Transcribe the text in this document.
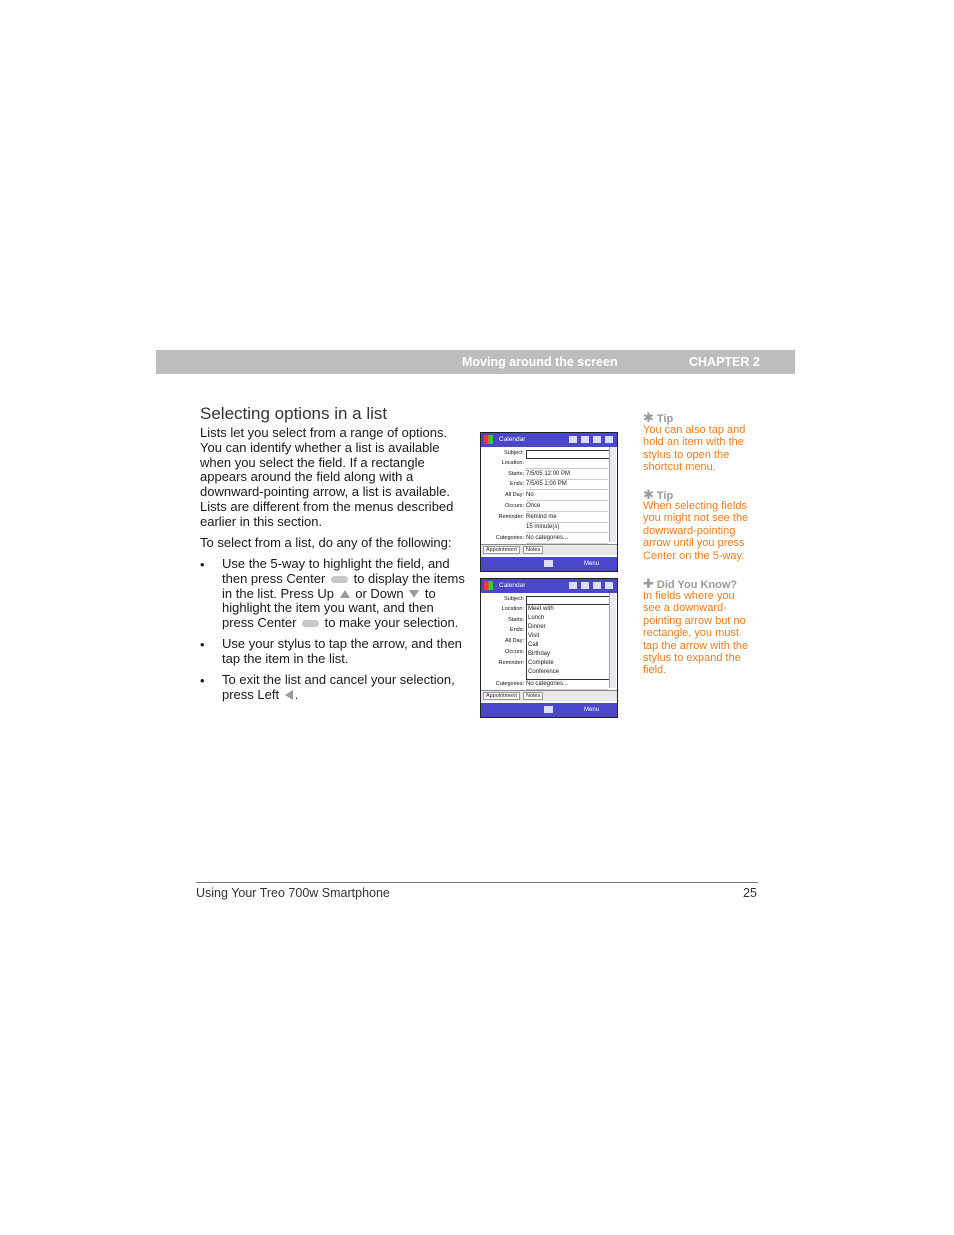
Moving around the screen	CHAPTER 2
Selecting options in a list
Lists let you select from a range of options. You can identify whether a list is available when you select the field. If a rectangle appears around the field along with a downward-pointing arrow, a list is available. Lists are different from the menus described earlier in this section.
To select from a list, do any of the following:
• Use the 5-way to highlight the field, and then press Center to display the items in the list. Press Up or Down to highlight the item you want, and then press Center to make your selection.
• Use your stylus to tap the arrow, and then tap the item in the list.
• To exit the list and cancel your selection, press Left .
Calendar
Subject:
Location:
Starts: 7/5/05 12:00 PM
Ends: 7/5/05 1:00 PM
All Day: No
Occurs: Once
Reminder: Remind me
15 minute(s)
Categories: No categories...
Appointment	Notes
Menu
Calendar
Subject:
Location:
Starts:
Ends:
All Day:
Occurs:
Reminder:
Categories: No categories...
Meet with
Lunch
Dinner
Visit
Call
Birthday
Complete
Conference
Appointment	Notes
Menu
✱ Tip
You can also tap and hold an item with the stylus to open the shortcut menu.
✱ Tip
When selecting fields you might not see the downward-pointing arrow until you press Center on the 5-way.
✚ Did You Know?
In fields where you see a downward-pointing arrow but no rectangle, you must tap the arrow with the stylus to expand the field.
Using Your Treo 700w Smartphone	25
